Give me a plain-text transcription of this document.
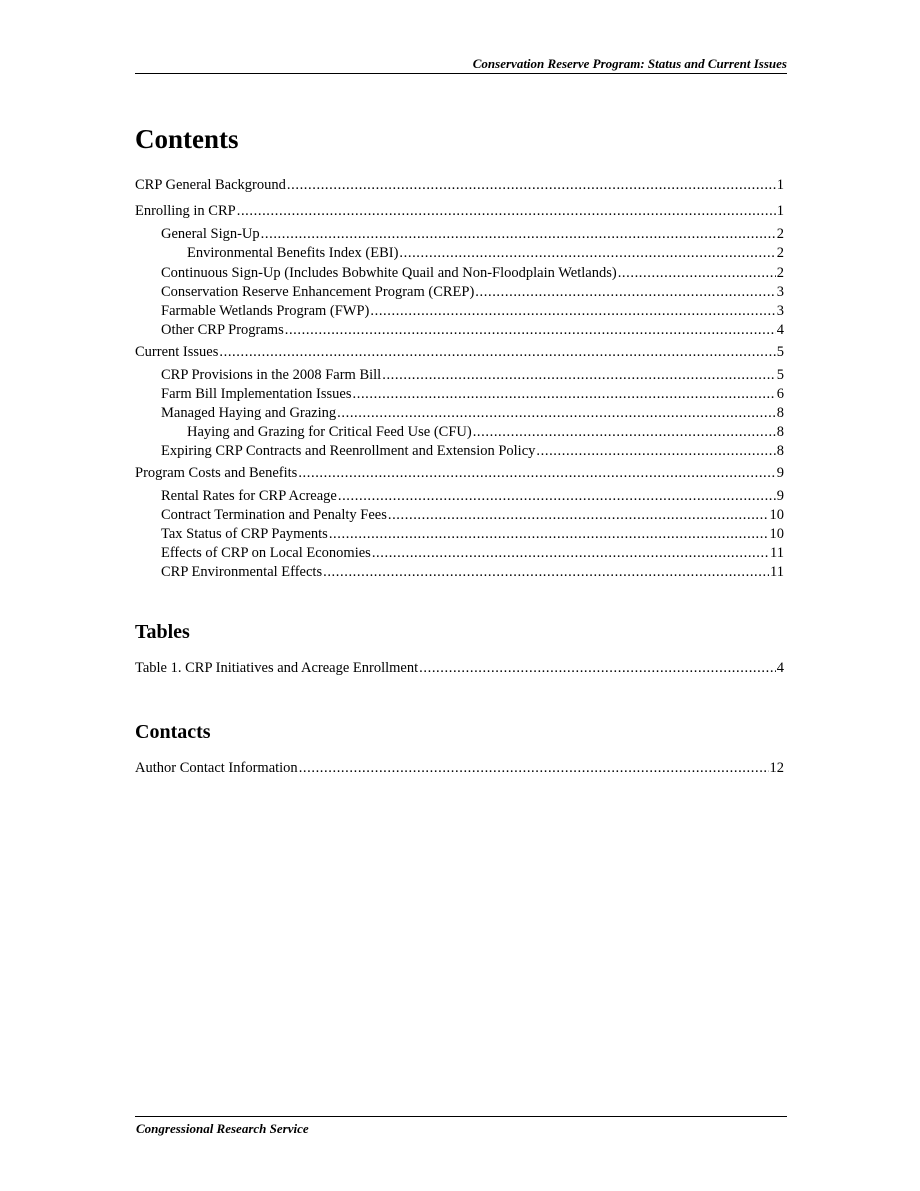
Conservation Reserve Program: Status and Current Issues
Contents
CRP General Background .....	1
Enrolling in CRP .....	1
General Sign-Up .....	2
Environmental Benefits Index (EBI) .....	2
Continuous Sign-Up (Includes Bobwhite Quail and Non-Floodplain Wetlands) .....	2
Conservation Reserve Enhancement Program (CREP) .....	3
Farmable Wetlands Program (FWP) .....	3
Other CRP Programs .....	4
Current Issues .....	5
CRP Provisions in the 2008 Farm Bill .....	5
Farm Bill Implementation Issues .....	6
Managed Haying and Grazing .....	8
Haying and Grazing for Critical Feed Use (CFU) .....	8
Expiring CRP Contracts and Reenrollment and Extension Policy .....	8
Program Costs and Benefits .....	9
Rental Rates for CRP Acreage .....	9
Contract Termination and Penalty Fees .....	10
Tax Status of CRP Payments .....	10
Effects of CRP on Local Economies .....	11
CRP Environmental Effects .....	11
Tables
Table 1. CRP Initiatives and Acreage Enrollment .....	4
Contacts
Author Contact Information .....	12
Congressional Research Service
